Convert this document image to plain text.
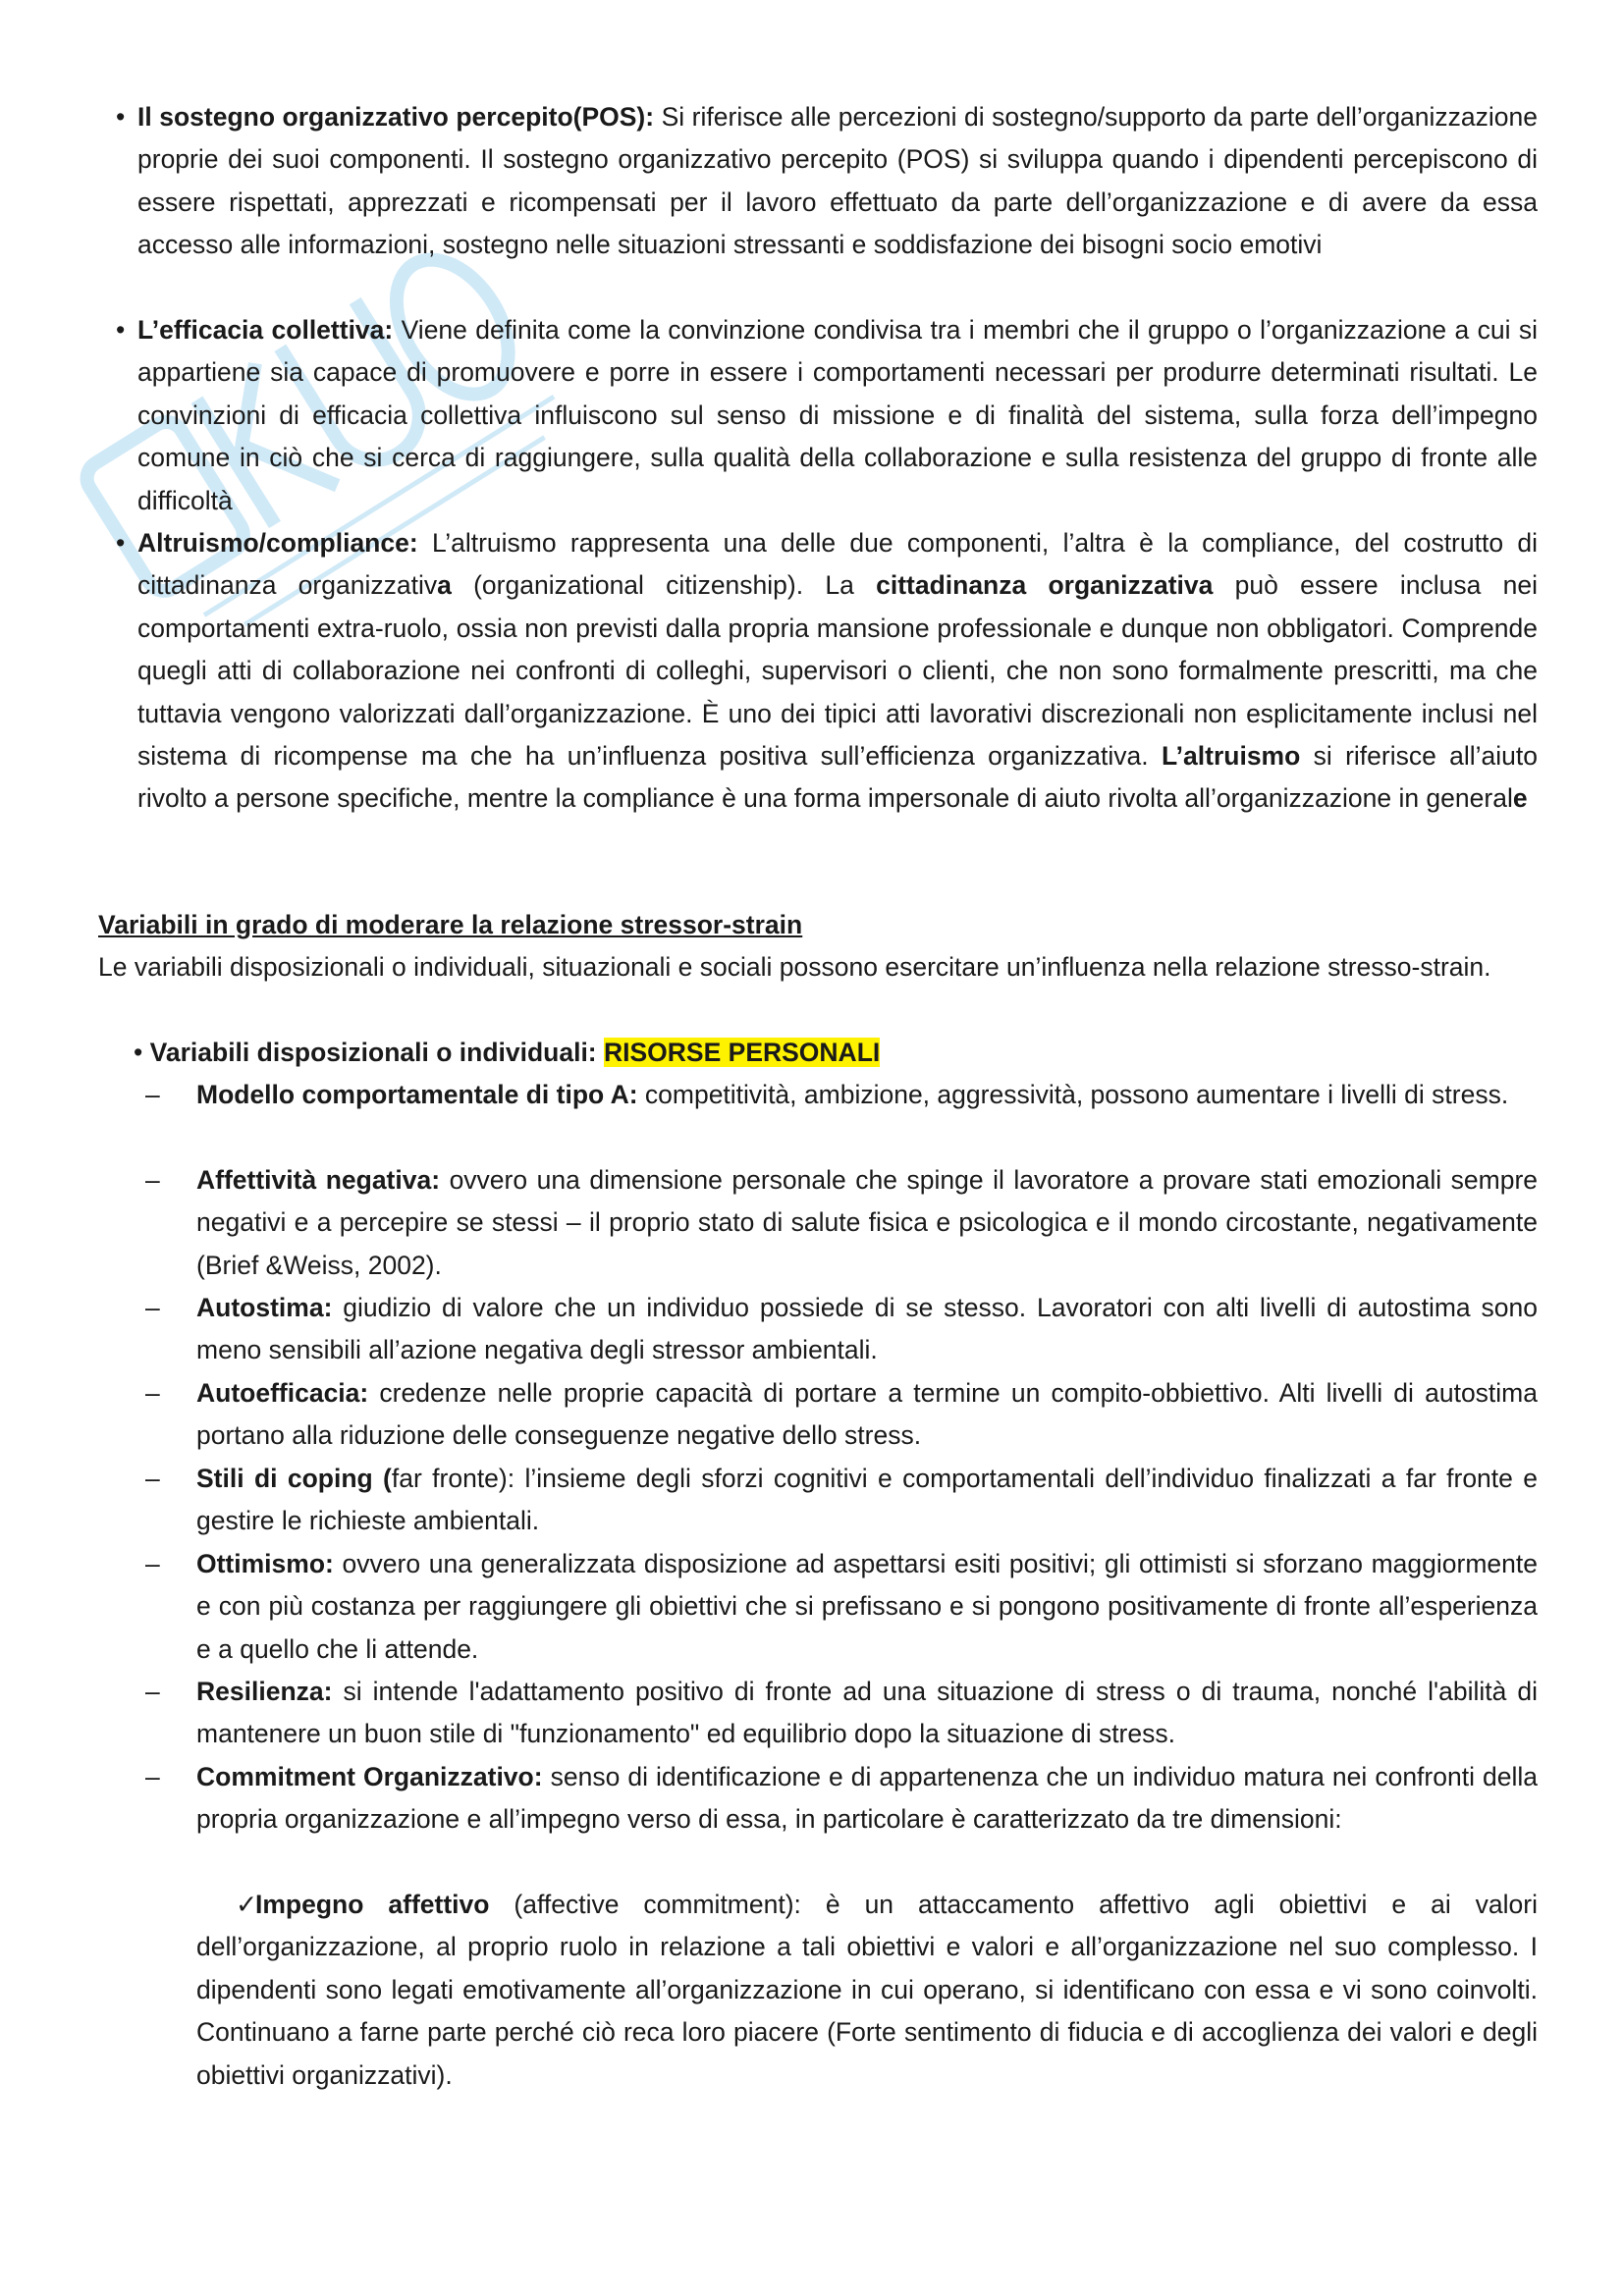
• Il sostegno organizzativo percepito(POS): Si riferisce alle percezioni di sostegno/supporto da parte dell’organizzazione proprie dei suoi componenti. Il sostegno organizzativo percepito (POS) si sviluppa quando i dipendenti percepiscono di essere rispettati, apprezzati e ricompensati per il lavoro effettuato da parte dell’organizzazione e di avere da essa accesso alle informazioni, sostegno nelle situazioni stressanti e soddisfazione dei bisogni socio emotivi
• L’efficacia collettiva: Viene definita come la convinzione condivisa tra i membri che il gruppo o l’organizzazione a cui si appartiene sia capace di promuovere e porre in essere i comportamenti necessari per produrre determinati risultati. Le convinzioni di efficacia collettiva influiscono sul senso di missione e di finalità del sistema, sulla forza dell’impegno comune in ciò che si cerca di raggiungere, sulla qualità della collaborazione e sulla resistenza del gruppo di fronte alle difficoltà
• Altruismo/compliance: L’altruismo rappresenta una delle due componenti, l’altra è la compliance, del costrutto di cittadinanza organizzativa (organizational citizenship). La cittadinanza organizzativa può essere inclusa nei comportamenti extra-ruolo, ossia non previsti dalla propria mansione professionale e dunque non obbligatori. Comprende quegli atti di collaborazione nei confronti di colleghi, supervisori o clienti, che non sono formalmente prescritti, ma che tuttavia vengono valorizzati dall’organizzazione. È uno dei tipici atti lavorativi discrezionali non esplicitamente inclusi nel sistema di ricompense ma che ha un’influenza positiva sull’efficienza organizzativa. L’altruismo si riferisce all’aiuto rivolto a persone specifiche, mentre la compliance è una forma impersonale di aiuto rivolta all’organizzazione in generale
Variabili in grado di moderare la relazione stressor-strain
Le variabili disposizionali o individuali, situazionali e sociali possono esercitare un’influenza nella relazione stresso-strain.
• Variabili disposizionali o individuali: RISORSE PERSONALI
–	Modello comportamentale di tipo A: competitività, ambizione, aggressività, possono aumentare i livelli di stress.
–	Affettività negativa: ovvero una dimensione personale che spinge il lavoratore a provare stati emozionali sempre negativi e a percepire se stessi – il proprio stato di salute fisica e psicologica e il mondo circostante, negativamente (Brief &Weiss, 2002).
–	Autostima: giudizio di valore che un individuo possiede di se stesso. Lavoratori con alti livelli di autostima sono meno sensibili all’azione negativa degli stressor ambientali.
–	Autoefficacia: credenze nelle proprie capacità di portare a termine un compito-obbiettivo. Alti livelli di autostima portano alla riduzione delle conseguenze negative dello stress.
–	Stili di coping (far fronte): l’insieme degli sforzi cognitivi e comportamentali dell’individuo finalizzati a far fronte e gestire le richieste ambientali.
–	Ottimismo: ovvero una generalizzata disposizione ad aspettarsi esiti positivi; gli ottimisti si sforzano maggiormente e con più costanza per raggiungere gli obiettivi che si prefissano e si pongono positivamente di fronte all’esperienza e a quello che li attende.
–	Resilienza: si intende l'adattamento positivo di fronte ad una situazione di stress o di trauma, nonché l'abilità di mantenere un buon stile di "funzionamento" ed equilibrio dopo la situazione di stress.
–	Commitment Organizzativo: senso di identificazione e di appartenenza che un individuo matura nei confronti della propria organizzazione e all’impegno verso di essa, in particolare è caratterizzato da tre dimensioni:
✓Impegno affettivo (affective commitment): è un attaccamento affettivo agli obiettivi e ai valori dell’organizzazione, al proprio ruolo in relazione a tali obiettivi e valori e all’organizzazione nel suo complesso. I dipendenti sono legati emotivamente all’organizzazione in cui operano, si identificano con essa e vi sono coinvolti. Continuano a farne parte perché ciò reca loro piacere (Forte sentimento di fiducia e di accoglienza dei valori e degli obiettivi organizzativi).
